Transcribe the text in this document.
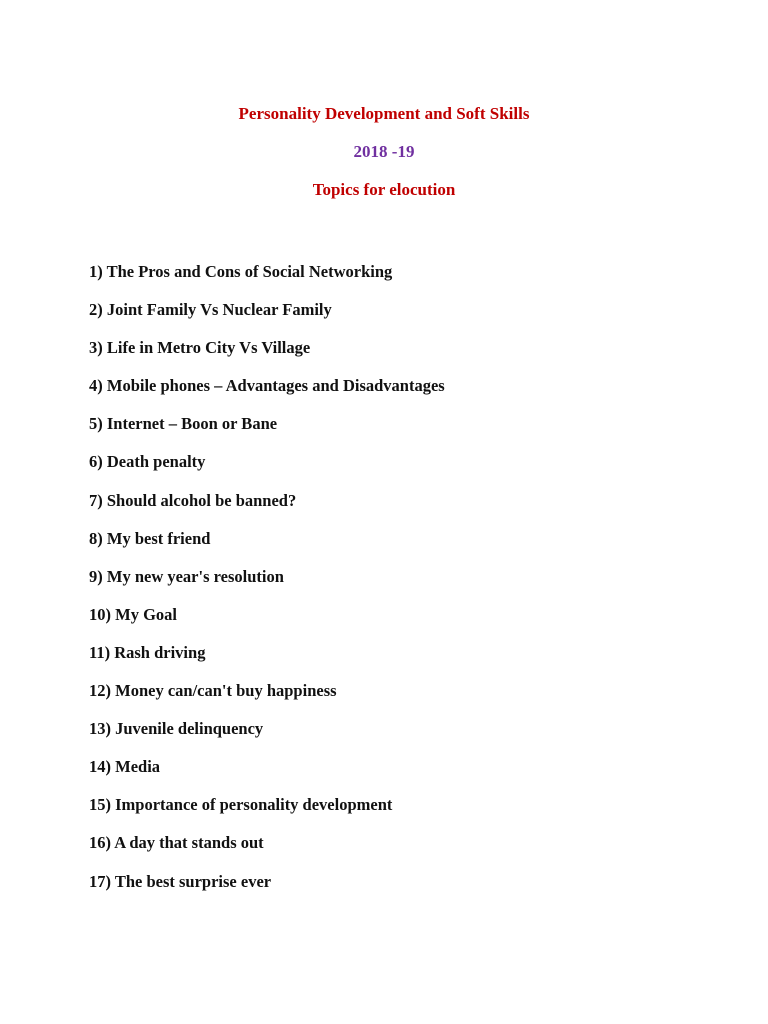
Personality Development and Soft Skills
2018 -19
Topics for elocution
1) The Pros and Cons of Social Networking
2) Joint Family Vs Nuclear Family
3) Life in Metro City Vs Village
4) Mobile phones – Advantages and Disadvantages
5) Internet – Boon or Bane
6) Death penalty
7) Should alcohol be banned?
8) My best friend
9) My new year's resolution
10) My Goal
11) Rash driving
12) Money can/can't buy happiness
13) Juvenile delinquency
14) Media
15) Importance of personality development
16) A day that stands out
17) The best surprise ever
